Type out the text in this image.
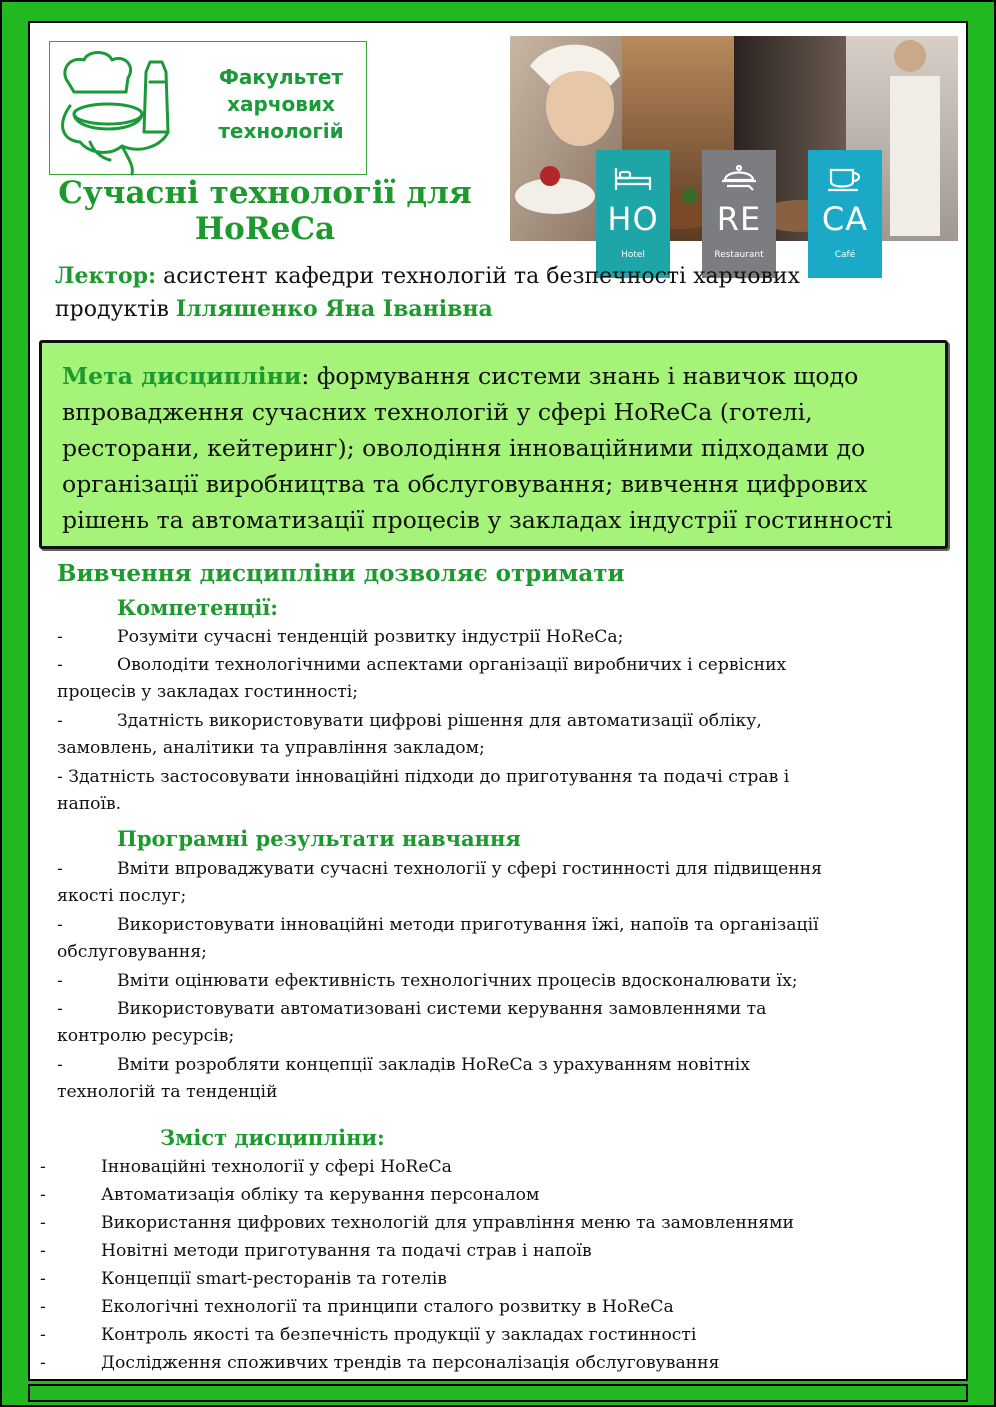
Факультет
харчових
технологій
Сучасні технології для
HoReCa	HO
Hotel
RE
Restaurant
CA
Café
Лектор: асистент кафедри технологій та безпечності харчових
продуктів Ілляшенко Яна Іванівна
Мета дисципліни: формування системи знань і навичок щодо впровадження сучасних технологій у сфері HoReCa (готелі, ресторани, кейтеринг); оволодіння інноваційними підходами до організації виробництва та обслуговування; вивчення цифрових рішень та автоматизації процесів у закладах індустрії гостинності
Вивчення дисципліни дозволяє отримати
Компетенції:
-	Розуміти сучасні тенденцій розвитку індустрії HoReCa;
-	Оволодіти технологічними аспектами організації виробничих і сервісних
процесів у закладах гостинності;
-	Здатність використовувати цифрові рішення для автоматизації обліку,
замовлень, аналітики та управління закладом;
- Здатність застосовувати інноваційні підходи до приготування та подачі страв і
напоїв.
Програмні результати навчання
-	Вміти впроваджувати сучасні технології у сфері гостинності для підвищення
якості послуг;
-	Використовувати інноваційні методи приготування їжі, напоїв та організації
обслуговування;
-	Вміти оцінювати ефективність технологічних процесів вдосконалювати їх;
-	Використовувати автоматизовані системи керування замовленнями та
контролю ресурсів;
-	Вміти розробляти концепції закладів HoReCa з урахуванням новітніх
технологій та тенденцій
Зміст дисципліни:
-	Інноваційні технології у сфері HoReCa
-	Автоматизація обліку та керування персоналом
-	Використання цифрових технологій для управління меню та замовленнями
-	Новітні методи приготування та подачі страв і напоїв
-	Концепції smart-ресторанів та готелів
-	Екологічні технології та принципи сталого розвитку в HoReCa
-	Контроль якості та безпечність продукції у закладах гостинності
-	Дослідження споживчих трендів та персоналізація обслуговування
